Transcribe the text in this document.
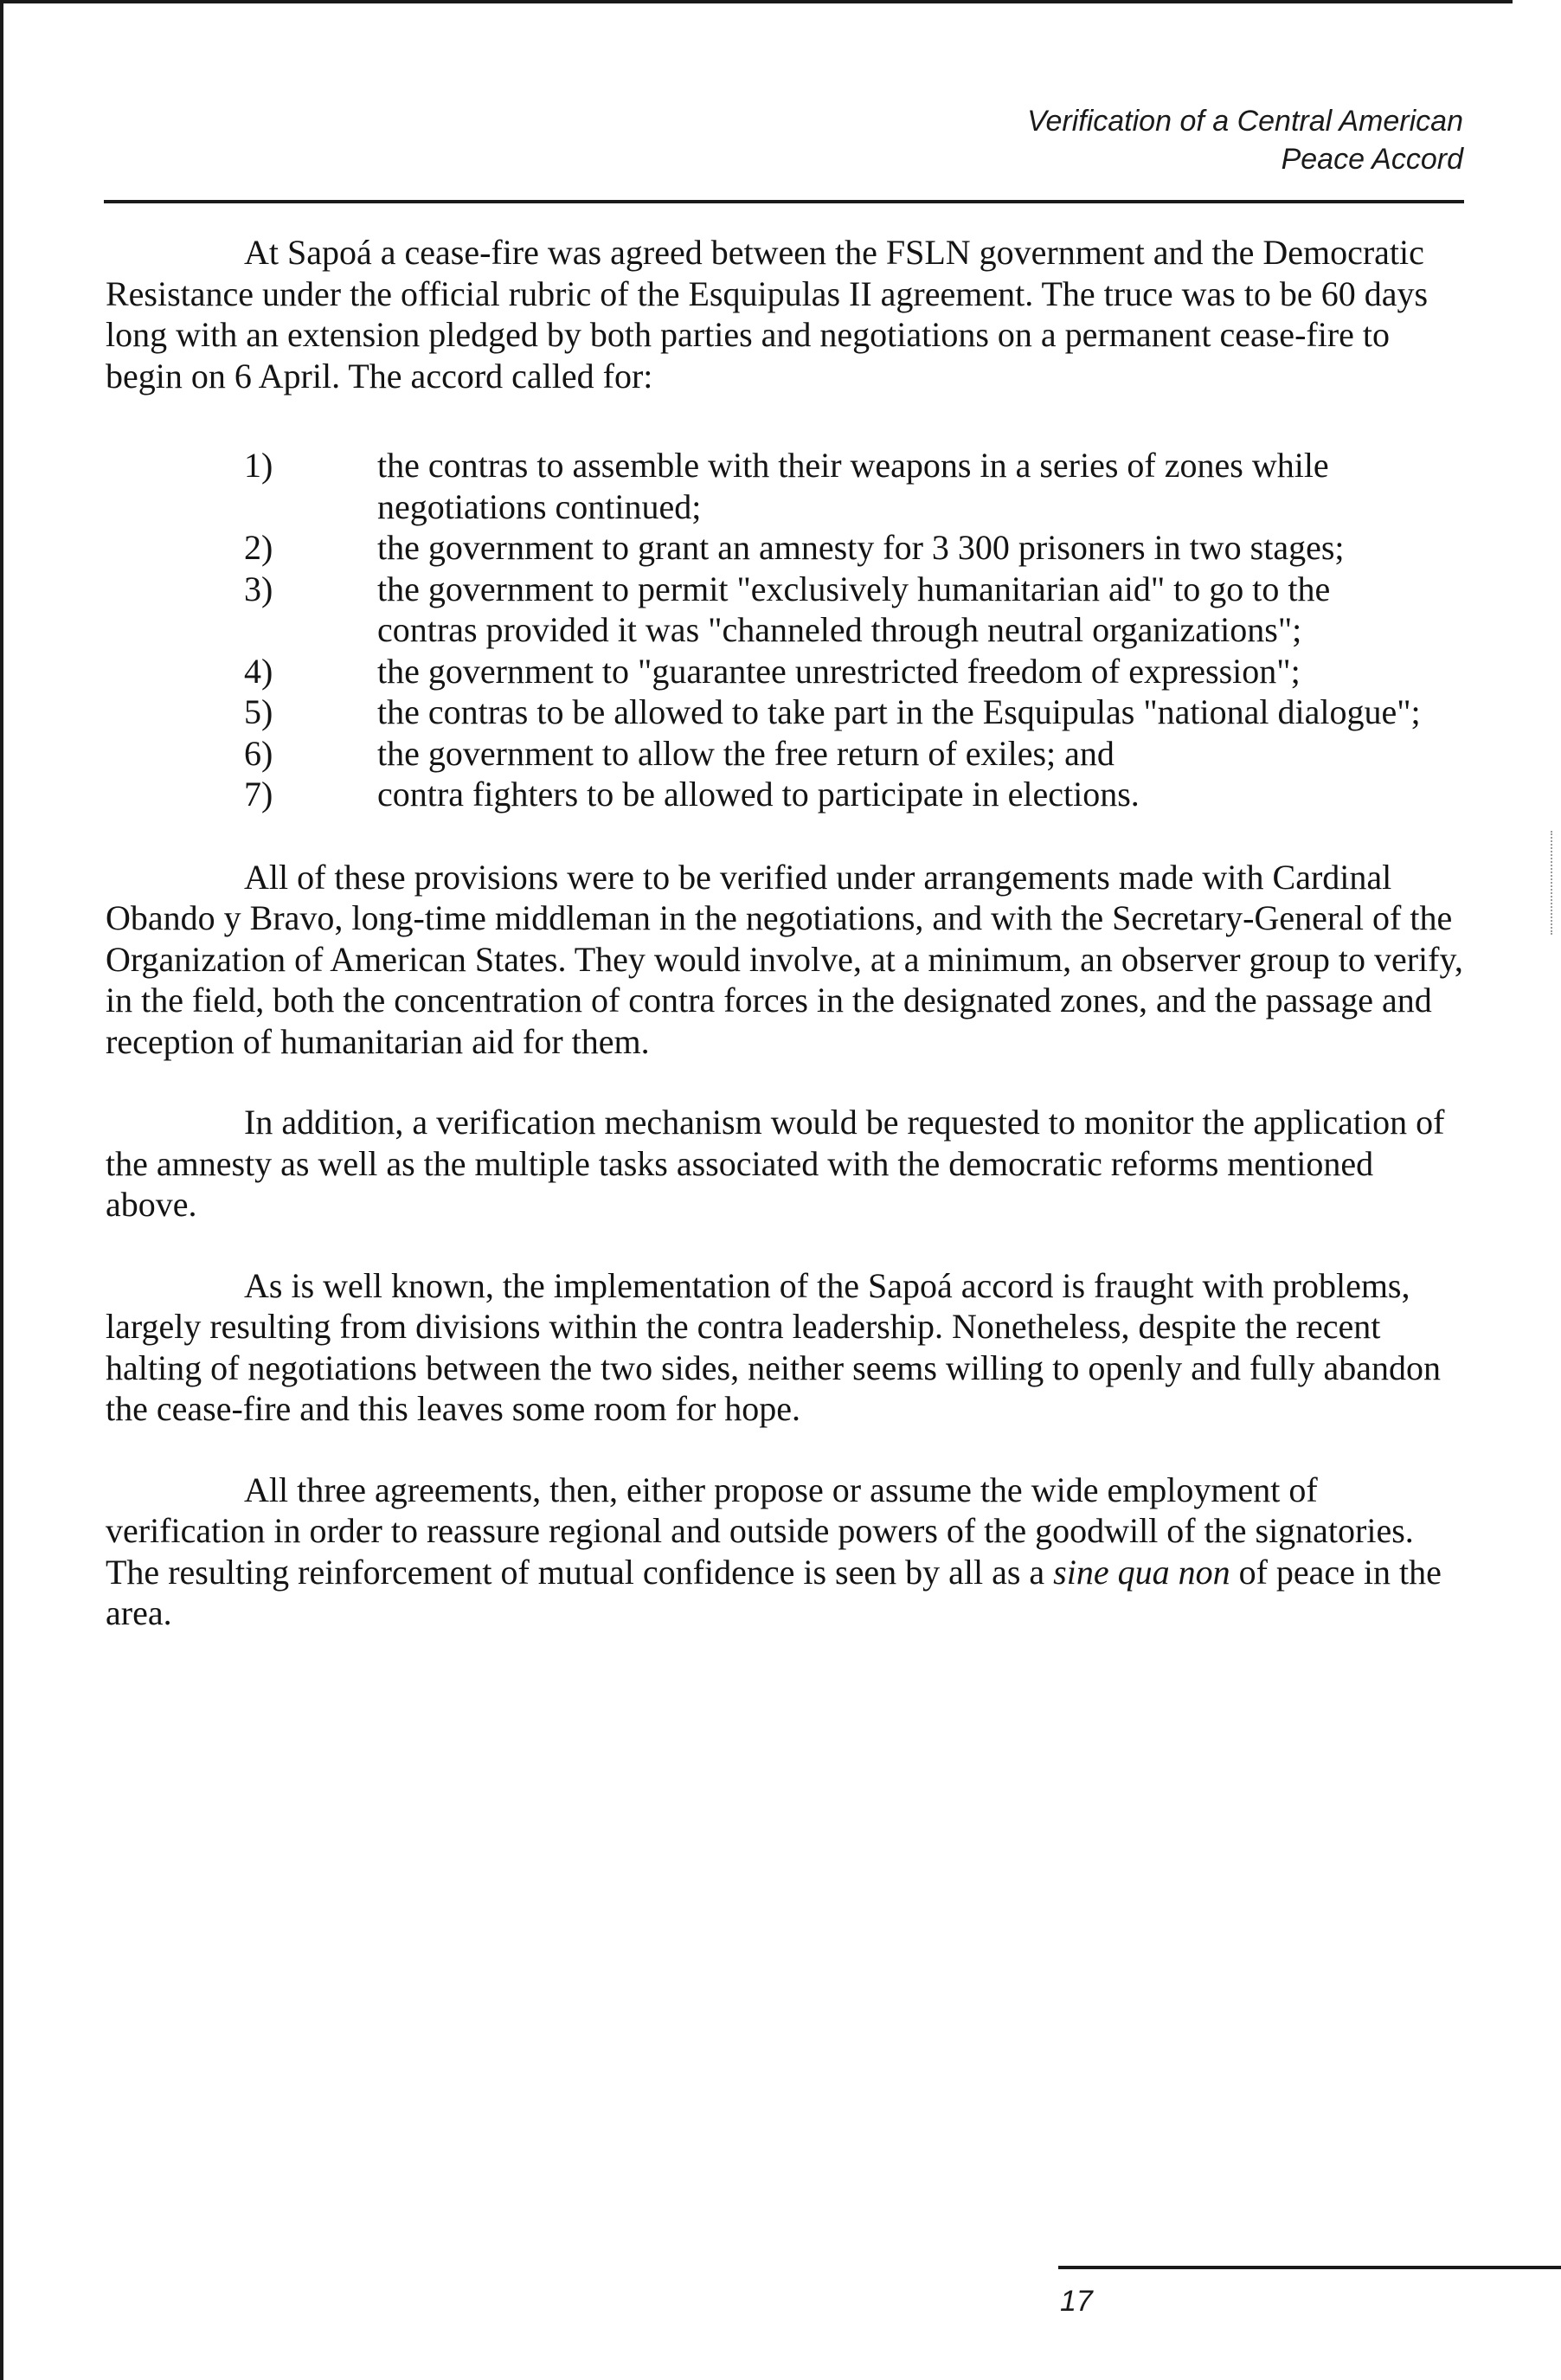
Verification of a Central American
Peace Accord

At Sapoá a cease-fire was agreed between the FSLN government and the Democratic Resistance under the official rubric of the Esquipulas II agreement. The truce was to be 60 days long with an extension pledged by both parties and negotiations on a permanent cease-fire to begin on 6 April. The accord called for:

1)	the contras to assemble with their weapons in a series of zones while negotiations continued;
2)	the government to grant an amnesty for 3 300 prisoners in two stages;
3)	the government to permit "exclusively humanitarian aid" to go to the contras provided it was "channeled through neutral organizations";
4)	the government to "guarantee unrestricted freedom of expression";
5)	the contras to be allowed to take part in the Esquipulas "national dialogue";
6)	the government to allow the free return of exiles; and
7)	contra fighters to be allowed to participate in elections.

All of these provisions were to be verified under arrangements made with Cardinal Obando y Bravo, long-time middleman in the negotiations, and with the Secretary-General of the Organization of American States. They would involve, at a minimum, an observer group to verify, in the field, both the concentration of contra forces in the designated zones, and the passage and reception of humanitarian aid for them.

In addition, a verification mechanism would be requested to monitor the application of the amnesty as well as the multiple tasks associated with the democratic reforms mentioned above.

As is well known, the implementation of the Sapoá accord is fraught with problems, largely resulting from divisions within the contra leadership. Nonetheless, despite the recent halting of negotiations between the two sides, neither seems willing to openly and fully abandon the cease-fire and this leaves some room for hope.

All three agreements, then, either propose or assume the wide employment of verification in order to reassure regional and outside powers of the goodwill of the signatories. The resulting reinforcement of mutual confidence is seen by all as a sine qua non of peace in the area.

17
